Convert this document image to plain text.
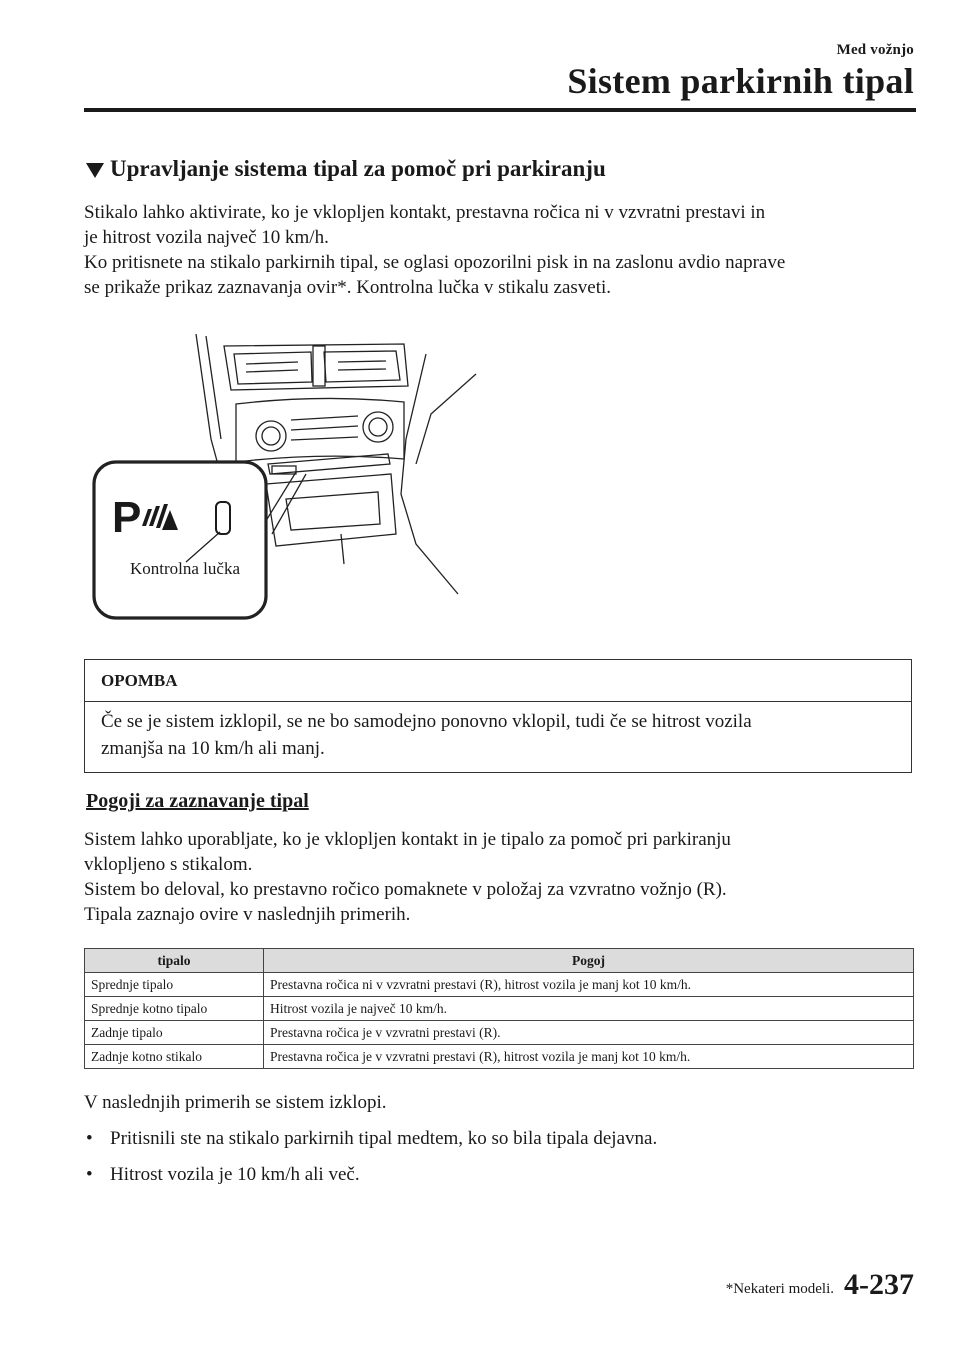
Med vožnjo
Sistem parkirnih tipal
Upravljanje sistema tipal za pomoč pri parkiranju
Stikalo lahko aktivirate, ko je vklopljen kontakt, prestavna ročica ni v vzvratni prestavi in
je hitrost vozila največ 10 km/h.
Ko pritisnete na stikalo parkirnih tipal, se oglasi opozorilni pisk in na zaslonu avdio naprave
se prikaže prikaz zaznavanja ovir*. Kontrolna lučka v stikalu zasveti.
P
Kontrolna lučka
OPOMBA
Če se je sistem izklopil, se ne bo samodejno ponovno vklopil, tudi če se hitrost vozila
zmanjša na 10 km/h ali manj.
Pogoji za zaznavanje tipal
Sistem lahko uporabljate, ko je vklopljen kontakt in je tipalo za pomoč pri parkiranju
vklopljeno s stikalom.
Sistem bo deloval, ko prestavno ročico pomaknete v položaj za vzvratno vožnjo (R).
Tipala zaznajo ovire v naslednjih primerih.
tipalo	Pogoj
Sprednje tipalo	Prestavna ročica ni v vzvratni prestavi (R), hitrost vozila je manj kot 10 km/h.
Sprednje kotno tipalo	Hitrost vozila je največ 10 km/h.
Zadnje tipalo	Prestavna ročica je v vzvratni prestavi (R).
Zadnje kotno stikalo	Prestavna ročica je v vzvratni prestavi (R), hitrost vozila je manj kot 10 km/h.
V naslednjih primerih se sistem izklopi.
• Pritisnili ste na stikalo parkirnih tipal medtem, ko so bila tipala dejavna.
• Hitrost vozila je 10 km/h ali več.
*Nekateri modeli. 4-237
